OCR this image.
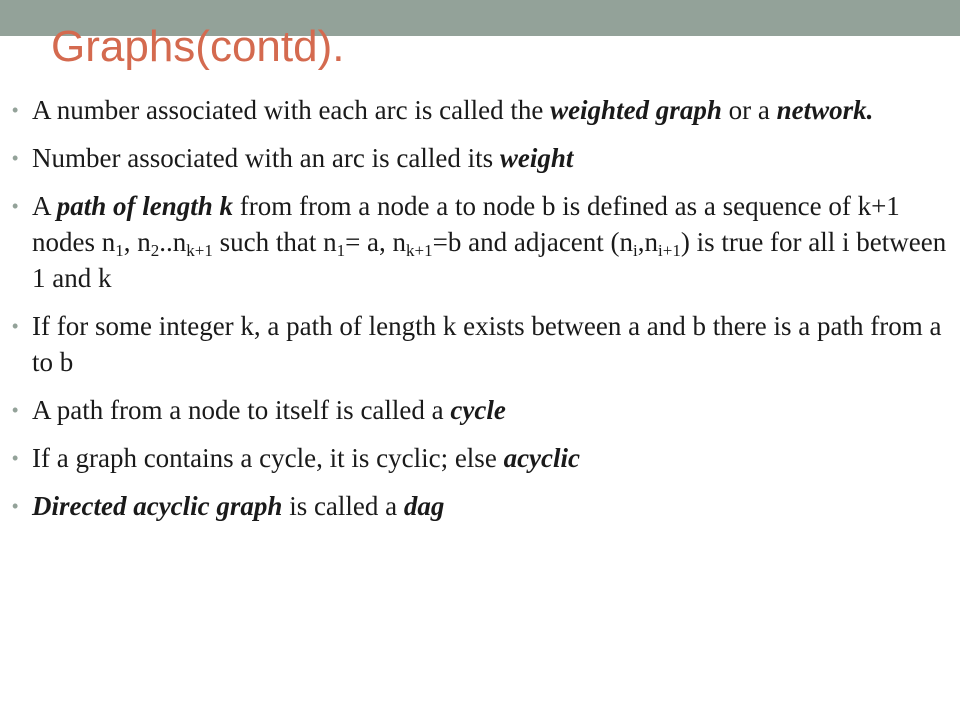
Graphs(contd).
• A number associated with each arc is called the weighted graph or a network.
• Number associated with an arc is called its weight
• A path of length k from from a node a to node b is defined as a sequence of k+1 nodes $n_1$, $n_2..n_{k+1}$ such that $n_1= a$, $n_{k+1}=b$ and adjacent $(n_i,n_{i+1})$ is true for all i between 1 and k
• If for some integer k, a path of length k exists between a and b there is a path from a to b
• A path from a node to itself is called a cycle
• If a graph contains a cycle, it is cyclic; else acyclic
• Directed acyclic graph is called a dag
